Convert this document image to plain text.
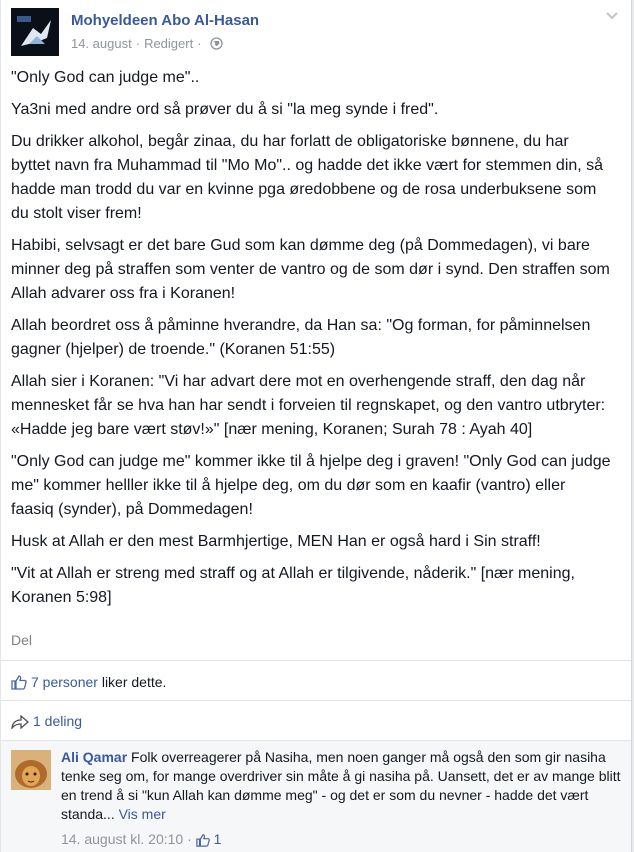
Mohyeldeen Abo Al-Hasan
14. august · Redigert ·

"Only God can judge me"..

Ya3ni med andre ord så prøver du å si "la meg synde i fred".

Du drikker alkohol, begår zinaa, du har forlatt de obligatoriske bønnene, du har byttet navn fra Muhammad til "Mo Mo".. og hadde det ikke vært for stemmen din, så hadde man trodd du var en kvinne pga øredobbene og de rosa underbuksene som du stolt viser frem!

Habibi, selvsagt er det bare Gud som kan dømme deg (på Dommedagen), vi bare minner deg på straffen som venter de vantro og de som dør i synd. Den straffen som Allah advarer oss fra i Koranen!

Allah beordret oss å påminne hverandre, da Han sa: "Og forman, for påminnelsen gagner (hjelper) de troende." (Koranen 51:55)

Allah sier i Koranen: "Vi har advart dere mot en overhengende straff, den dag når mennesket får se hva han har sendt i forveien til regnskapet, og den vantro utbryter: «Hadde jeg bare vært støv!»" [nær mening, Koranen; Surah 78 : Ayah 40]

"Only God can judge me" kommer ikke til å hjelpe deg i graven! "Only God can judge me" kommer helller ikke til å hjelpe deg, om du dør som en kaafir (vantro) eller faasiq (synder), på Dommedagen!

Husk at Allah er den mest Barmhjertige, MEN Han er også hard i Sin straff!

"Vit at Allah er streng med straff og at Allah er tilgivende, nåderik." [nær mening, Koranen 5:98]

Del
7 personer liker dette.
1 deling
Ali Qamar Folk overreagerer på Nasiha, men noen ganger må også den som gir nasiha tenke seg om, for mange overdriver sin måte å gi nasiha på. Uansett, det er av mange blitt en trend å si "kun Allah kan dømme meg" - og det er som du nevner - hadde det vært standa... Vis mer
14. august kl. 20:10 · 1
